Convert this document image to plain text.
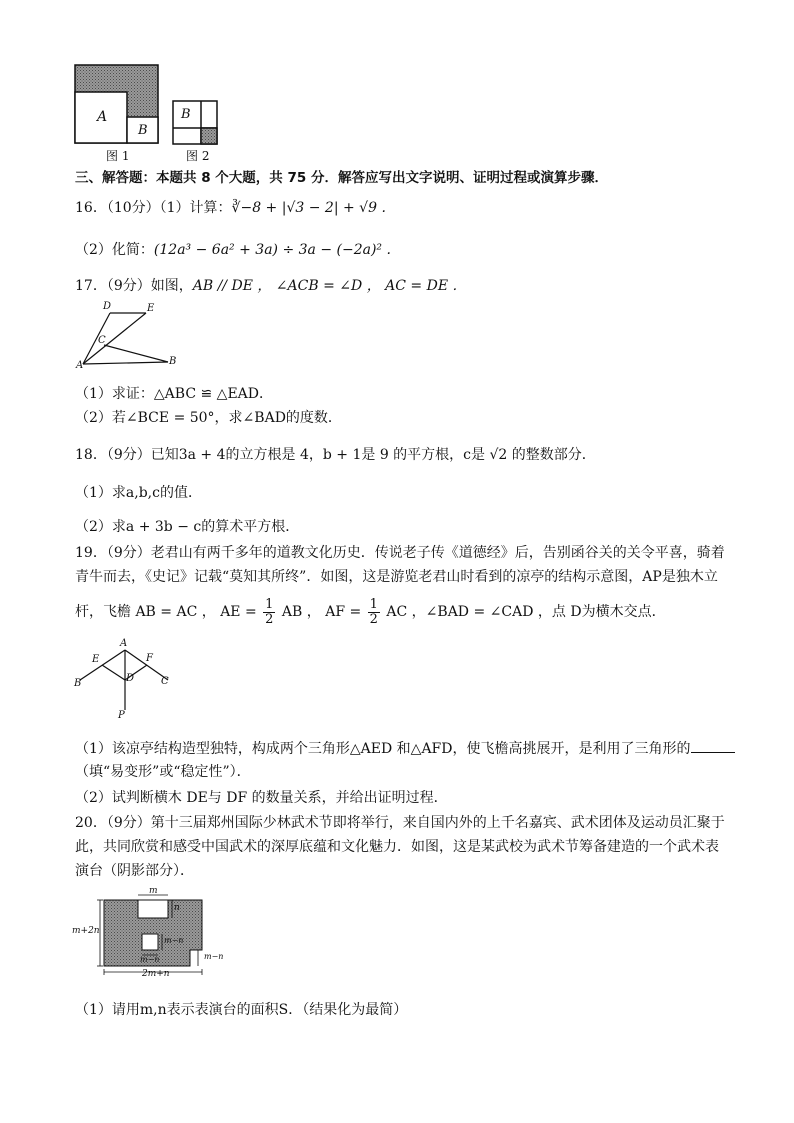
A
B
图 1
B
图 2
三、解答题：本题共 8 个大题，共 75 分．解答应写出文字说明、证明过程或演算步骤．
16．（10分）（1）计算：∛−8 + |√3 − 2| + √9 .
（2）化简：(12a³ − 6a² + 3a) ÷ 3a − (−2a)² .
17．（9分）如图，AB // DE ， ∠ACB = ∠D ， AC = DE ．
D	E
C
A	B
（1）求证：△ABC ≌ △EAD．
（2）若∠BCE = 50°，求∠BAD的度数．
18．（9分）已知3a + 4的立方根是 4，b + 1是 9 的平方根，c是 √2 的整数部分．
（1）求a,b,c的值．
（2）求a + 3b − c的算术平方根．
19．（9分）老君山有两千多年的道教文化历史．传说老子传《道德经》后，告别函谷关的关令平喜，骑着
青牛而去，《史记》记载“莫知其所终”．如图，这是游览老君山时看到的凉亭的结构示意图，AP是独木立
杆，飞檐 AB = AC ， AE = $\frac{1}{2}$ AB ， AF = $\frac{1}{2}$ AC ，∠BAD = ∠CAD ，点 D为横木交点．
A
E	F
B	D	C
P
（1）该凉亭结构造型独特，构成两个三角形△AED 和△AFD，使飞檐高挑展开，是利用了三角形的
（填“易变形”或“稳定性”）．
（2）试判断横木 DE与 DF 的数量关系，并给出证明过程．
20．（9分）第十三届郑州国际少林武术节即将举行，来自国内外的上千名嘉宾、武术团体及运动员汇聚于
此，共同欣赏和感受中国武术的深厚底蕴和文化魅力．如图，这是某武校为武术节筹备建造的一个武术表
演台（阴影部分）．
m
n
m+2n
m−n
m−n	m−n
2m+n
（1）请用m,n表示表演台的面积S．（结果化为最简）
